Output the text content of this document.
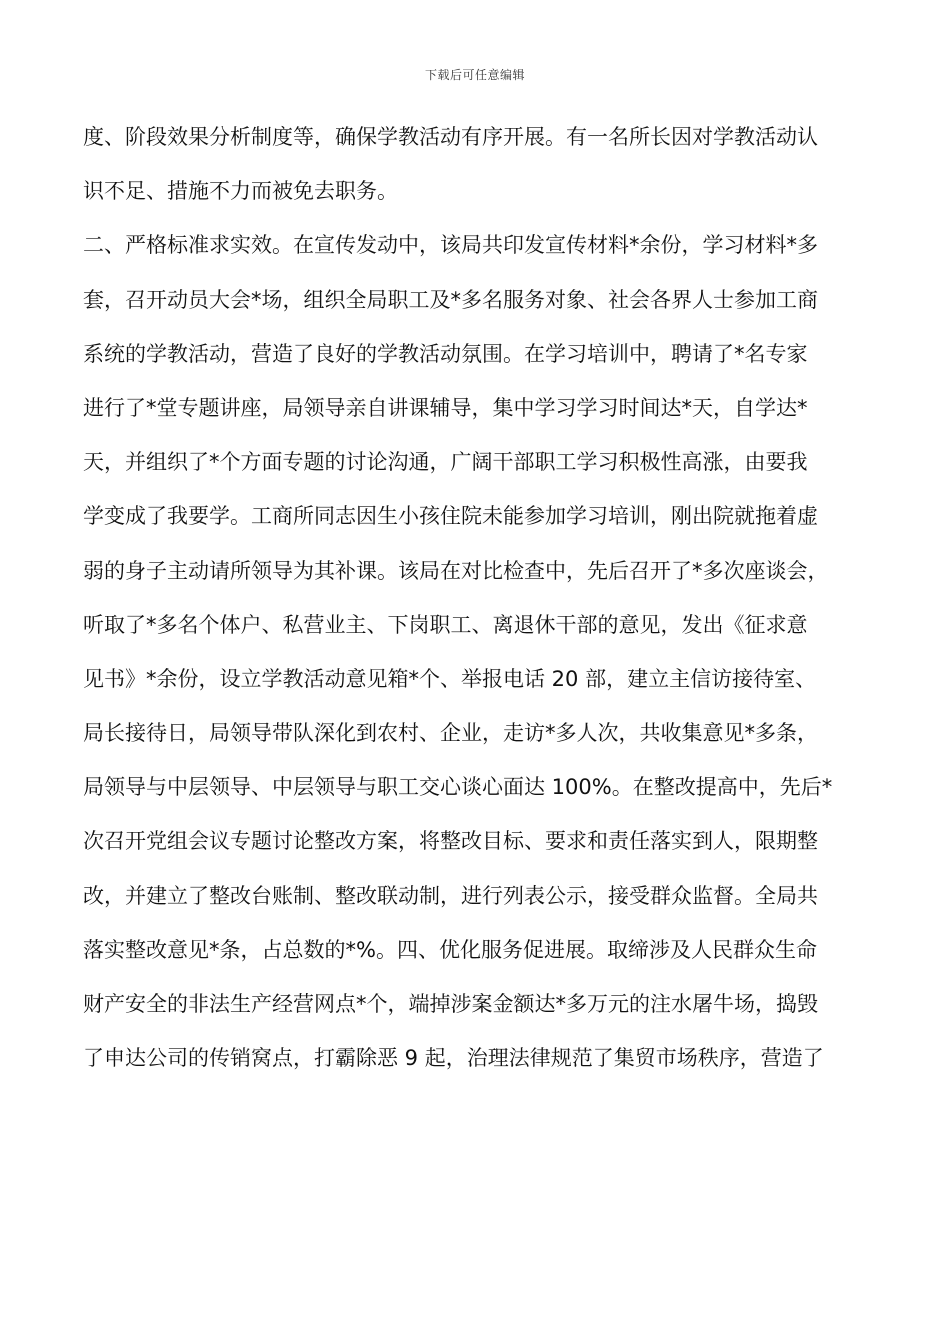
下载后可任意编辑
度、阶段效果分析制度等，确保学教活动有序开展。有一名所长因对学教活动认
识不足、措施不力而被免去职务。
二、严格标准求实效。在宣传发动中，该局共印发宣传材料*余份，学习材料*多
套，召开动员大会*场，组织全局职工及*多名服务对象、社会各界人士参加工商
系统的学教活动，营造了良好的学教活动氛围。在学习培训中，聘请了*名专家
进行了*堂专题讲座，局领导亲自讲课辅导，集中学习学习时间达*天，自学达*
天，并组织了*个方面专题的讨论沟通，广阔干部职工学习积极性高涨，由要我
学变成了我要学。工商所同志因生小孩住院未能参加学习培训，刚出院就拖着虚
弱的身子主动请所领导为其补课。该局在对比检查中，先后召开了*多次座谈会，
听取了*多名个体户、私营业主、下岗职工、离退休干部的意见，发出《征求意
见书》*余份，设立学教活动意见箱*个、举报电话 20 部，建立主信访接待室、
局长接待日，局领导带队深化到农村、企业，走访*多人次，共收集意见*多条，
局领导与中层领导、中层领导与职工交心谈心面达 100%。在整改提高中，先后*
次召开党组会议专题讨论整改方案，将整改目标、要求和责任落实到人，限期整
改，并建立了整改台账制、整改联动制，进行列表公示，接受群众监督。全局共
落实整改意见*条，占总数的*%。四、优化服务促进展。取缔涉及人民群众生命
财产安全的非法生产经营网点*个，端掉涉案金额达*多万元的注水屠牛场，捣毁
了申达公司的传销窝点，打霸除恶 9 起，治理法律规范了集贸市场秩序，营造了
